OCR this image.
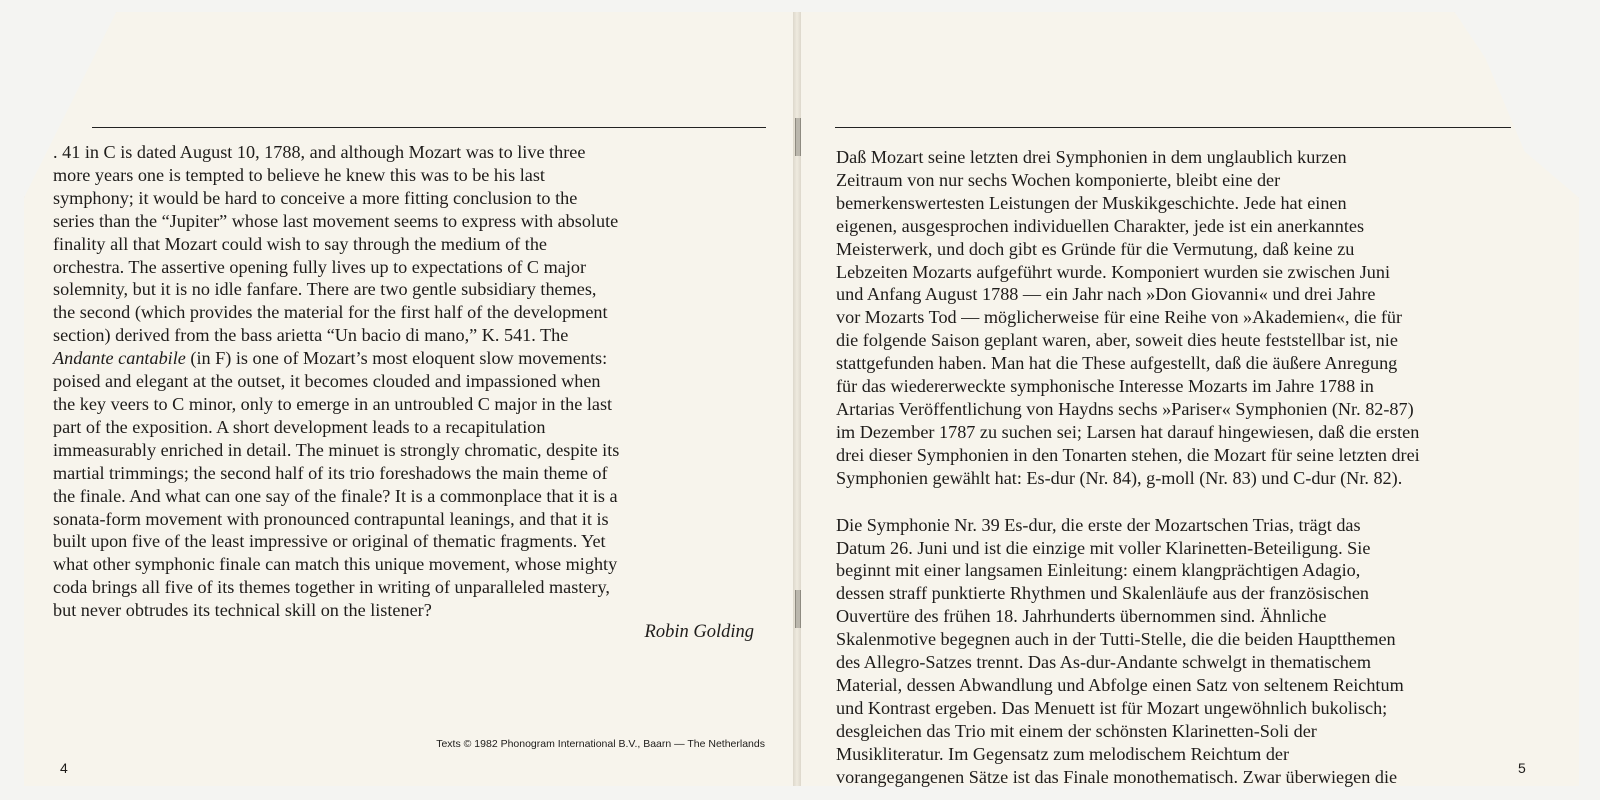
. 41 in C is dated August 10, 1788, and although Mozart was to live three
more years one is tempted to believe he knew this was to be his last
symphony; it would be hard to conceive a more fitting conclusion to the
series than the “Jupiter” whose last movement seems to express with absolute
finality all that Mozart could wish to say through the medium of the
orchestra. The assertive opening fully lives up to expectations of C major
solemnity, but it is no idle fanfare. There are two gentle subsidiary themes,
the second (which provides the material for the first half of the development
section) derived from the bass arietta “Un bacio di mano,” K. 541. The
Andante cantabile (in F) is one of Mozart’s most eloquent slow movements:
poised and elegant at the outset, it becomes clouded and impassioned when
the key veers to C minor, only to emerge in an untroubled C major in the last
part of the exposition. A short development leads to a recapitulation
immeasurably enriched in detail. The minuet is strongly chromatic, despite its
martial trimmings; the second half of its trio foreshadows the main theme of
the finale. And what can one say of the finale? It is a commonplace that it is a
sonata-form movement with pronounced contrapuntal leanings, and that it is
built upon five of the least impressive or original of thematic fragments. Yet
what other symphonic finale can match this unique movement, whose mighty
coda brings all five of its themes together in writing of unparalleled mastery,
but never obtrudes its technical skill on the listener?
Robin Golding
Texts © 1982 Phonogram International B.V., Baarn — The Netherlands
4
Daß Mozart seine letzten drei Symphonien in dem unglaublich kurzen
Zeitraum von nur sechs Wochen komponierte, bleibt eine der
bemerkenswertesten Leistungen der Muskikgeschichte. Jede hat einen
eigenen, ausgesprochen individuellen Charakter, jede ist ein anerkanntes
Meisterwerk, und doch gibt es Gründe für die Vermutung, daß keine zu
Lebzeiten Mozarts aufgeführt wurde. Komponiert wurden sie zwischen Juni
und Anfang August 1788 — ein Jahr nach »Don Giovanni« und drei Jahre
vor Mozarts Tod — möglicherweise für eine Reihe von »Akademien«, die für
die folgende Saison geplant waren, aber, soweit dies heute feststellbar ist, nie
stattgefunden haben. Man hat die These aufgestellt, daß die äußere Anregung
für das wiedererweckte symphonische Interesse Mozarts im Jahre 1788 in
Artarias Veröffentlichung von Haydns sechs »Pariser« Symphonien (Nr. 82-87)
im Dezember 1787 zu suchen sei; Larsen hat darauf hingewiesen, daß die ersten
drei dieser Symphonien in den Tonarten stehen, die Mozart für seine letzten drei
Symphonien gewählt hat: Es-dur (Nr. 84), g-moll (Nr. 83) und C-dur (Nr. 82).
Die Symphonie Nr. 39 Es-dur, die erste der Mozartschen Trias, trägt das
Datum 26. Juni und ist die einzige mit voller Klarinetten-Beteiligung. Sie
beginnt mit einer langsamen Einleitung: einem klangprächtigen Adagio,
dessen straff punktierte Rhythmen und Skalenläufe aus der französischen
Ouvertüre des frühen 18. Jahrhunderts übernommen sind. Ähnliche
Skalenmotive begegnen auch in der Tutti-Stelle, die die beiden Hauptthemen
des Allegro-Satzes trennt. Das As-dur-Andante schwelgt in thematischem
Material, dessen Abwandlung und Abfolge einen Satz von seltenem Reichtum
und Kontrast ergeben. Das Menuett ist für Mozart ungewöhnlich bukolisch;
desgleichen das Trio mit einem der schönsten Klarinetten-Soli der
Musikliteratur. Im Gegensatz zum melodischem Reichtum der
vorangegangenen Sätze ist das Finale monothematisch. Zwar überwiegen die	5
